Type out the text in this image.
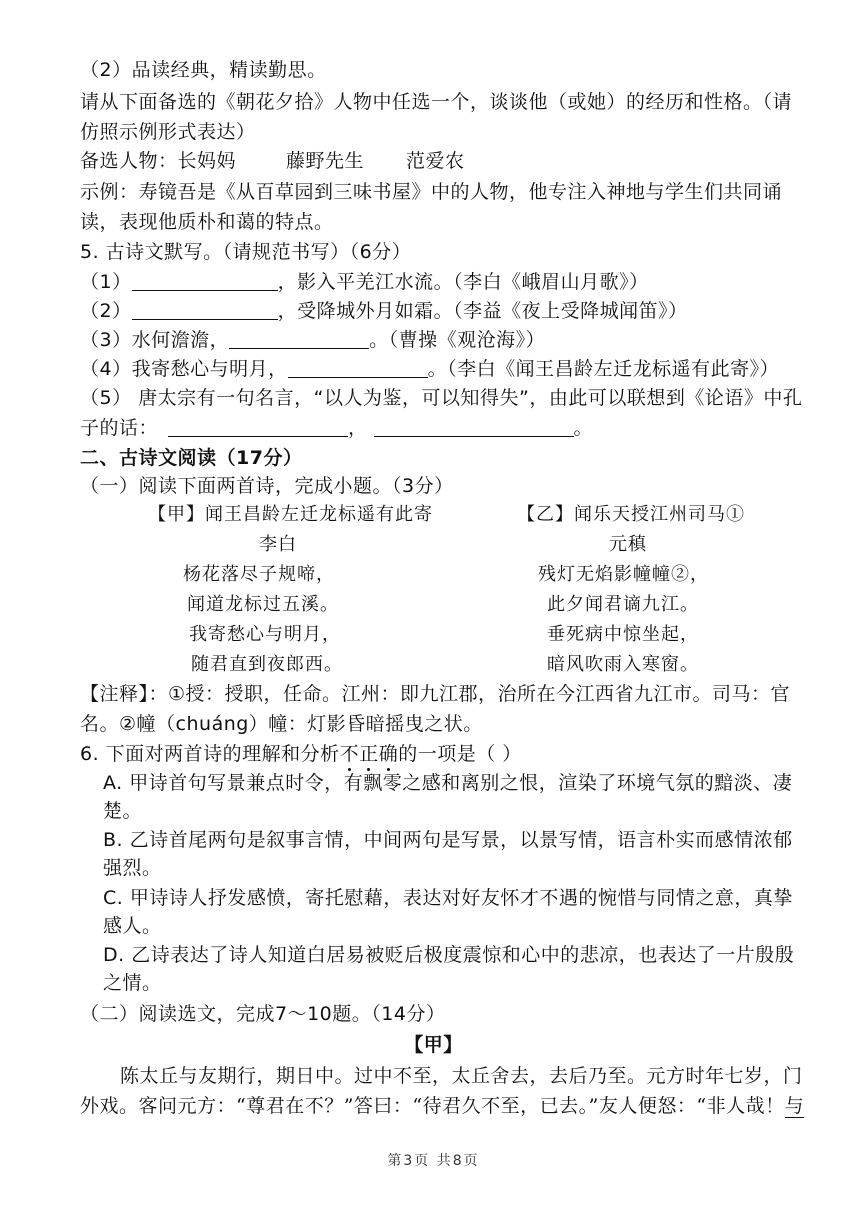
（2）品读经典，精读勤思。
请从下面备选的《朝花夕拾》人物中任选一个，谈谈他（或她）的经历和性格。（请
仿照示例形式表达）
备选人物：长妈妈	藤野先生 范爱农
示例：寿镜吾是《从百草园到三味书屋》中的人物，他专注入神地与学生们共同诵
读，表现他质朴和蔼的特点。
5. 古诗文默写。（请规范书写）（6分）
（1）	，影入平羌江水流。（李白《峨眉山月歌》）
（2）	，受降城外月如霜。（李益《夜上受降城闻笛》）
（3）水何澹澹，	。（曹操《观沧海》）
（4）我寄愁心与明月，	。（李白《闻王昌龄左迁龙标遥有此寄》）
（5） 唐太宗有一句名言，“以人为鉴，可以知得失”，由此可以联想到《论语》中孔
子的话：	，	。
二、古诗文阅读（17分）
（一）阅读下面两首诗，完成小题。（3分）
【甲】闻王昌龄左迁龙标遥有此寄
李白
杨花落尽子规啼，
闻道龙标过五溪。
我寄愁心与明月，
随君直到夜郎西。
【乙】闻乐天授江州司马①
元稹
残灯无焰影幢幢②，
此夕闻君谪九江。
垂死病中惊坐起，
暗风吹雨入寒窗。
【注释】：①授：授职，任命。江州：即九江郡，治所在今江西省九江市。司马：官
名。②幢（chuáng）幢：灯影昏暗摇曳之状。
6. 下面对两首诗的理解和分析不正确的一项是（ ）
A. 甲诗首句写景兼点时令，有飘零之感和离别之恨，渲染了环境气氛的黯淡、凄
楚。
B. 乙诗首尾两句是叙事言情，中间两句是写景，以景写情，语言朴实而感情浓郁
强烈。
C. 甲诗诗人抒发感愤，寄托慰藉，表达对好友怀才不遇的惋惜与同情之意，真挚
感人。
D. 乙诗表达了诗人知道白居易被贬后极度震惊和心中的悲凉，也表达了一片殷殷
之情。
（二）阅读选文，完成7～10题。（14分）
【甲】
陈太丘与友期行，期日中。过中不至，太丘舍去，去后乃至。元方时年七岁，门
外戏。客问元方：“尊君在不？”答曰：“待君久不至，已去。”友人便怒：“非人哉！与
第3页 共8页
